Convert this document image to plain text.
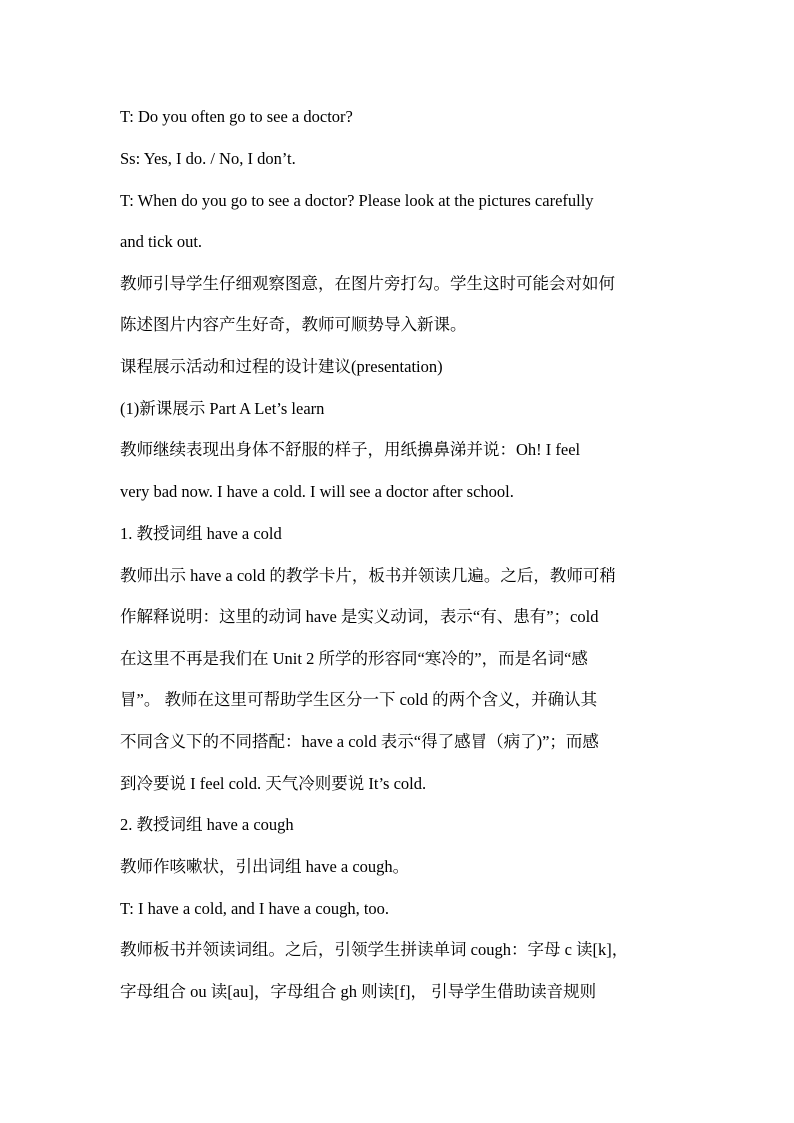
T: Do you often go to see a doctor?
Ss: Yes, I do. / No, I don’t.
T: When do you go to see a doctor? Please look at the pictures carefully
and tick out.
教师引导学生仔细观察图意，在图片旁打勾。学生这时可能会对如何
陈述图片内容产生好奇，教师可顺势导入新课。
课程展示活动和过程的设计建议(presentation)
(1)新课展示 Part A Let’s learn
教师继续表现出身体不舒服的样子，用纸擤鼻涕并说：Oh! I feel
very bad now. I have a cold. I will see a doctor after school.
1. 教授词组 have a cold
教师出示 have a cold 的教学卡片，板书并领读几遍。之后，教师可稍
作解释说明：这里的动词 have 是实义动词，表示“有、患有”；cold
在这里不再是我们在 Unit 2 所学的形容同“寒冷的”，而是名词“感
冒”。 教师在这里可帮助学生区分一下 cold 的两个含义，并确认其
不同含义下的不同搭配：have a cold 表示“得了感冒（病了)”；而感
到冷要说 I feel cold. 天气冷则要说 It’s cold.
2. 教授词组 have a cough
教师作咳嗽状，引出词组 have a cough。
T: I have a cold, and I have a cough, too.
教师板书并领读词组。之后，引领学生拼读单词 cough：字母 c 读[k]，
字母组合 ou 读[au]，字母组合 gh 则读[f]， 引导学生借助读音规则
